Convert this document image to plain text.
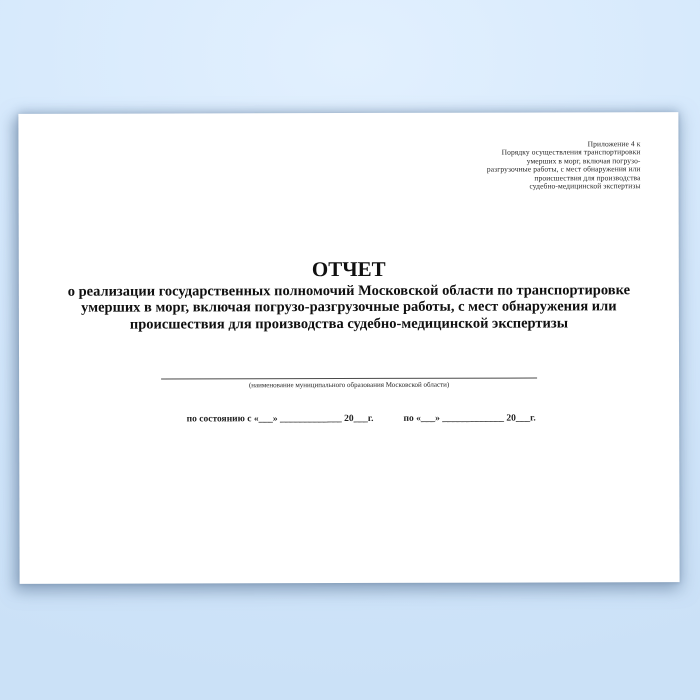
Приложение 4 к
Порядку осуществления транспортировки
умерших в морг, включая погрузо-
разгрузочные работы, с мест обнаружения или
происшествия для производства
судебно-медицинской экспертизы
ОТЧЕТ
о реализации государственных полномочий Московской области по транспортировке
умерших в морг, включая погрузо-разгрузочные работы, с мест обнаружения или
происшествия для производства судебно-медицинской экспертизы
(наименование муниципального образования Московской области)
по состоянию с «___» _____________ 20___г.	по «___» _____________ 20___г.
